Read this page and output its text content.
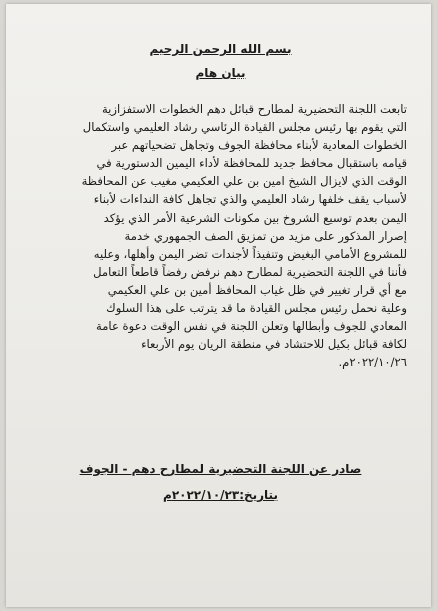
بسم الله الرحمن الرحيم
بيان هام
تابعت اللجنة التحضيرية لمطارح قبائل دهم الخطوات الاستفزازية
التي يقوم بها رئيس مجلس القيادة الرئاسي رشاد العليمي واستكمال
الخطوات المعادية لأبناء محافظة الجوف وتجاهل تضحياتهم عبر
قيامه باستقبال محافظ جديد للمحافظة لأداء اليمين الدستورية في
الوقت الذي لايزال الشيخ امين بن علي العكيمي مغيب عن المحافظة
لأسباب يقف خلفها رشاد العليمي والذي تجاهل كافة النداءات لأبناء
اليمن بعدم توسيع الشروخ بين مكونات الشرعية الأمر الذي يؤكد
إصرار المذكور على مزيد من تمزيق الصف الجمهوري خدمة
للمشروع الأمامي البغيض وتنفيذاً لأجندات تضر اليمن وأهلها، وعليه
فأننا في اللجنة التحضيرية لمطارح دهم نرفض رفضاً قاطعاً التعامل
مع أي قرار تغيير في ظل غياب المحافظ أمين بن علي العكيمي
وعلية نحمل رئيس مجلس القيادة ما قد يترتب على هذا السلوك
المعادي للجوف وأبطالها وتعلن اللجنة في نفس الوقت دعوة عامة
لكافة قبائل بكيل للاحتشاد في منطقة الريان يوم الأربعاء
٢٠٢٢/١٠/٢٦م.
صادر عن اللجنة التحضيرية لمطارح دهم - الجوف
بتاريخ:٢٠٢٢/١٠/٢٣م
